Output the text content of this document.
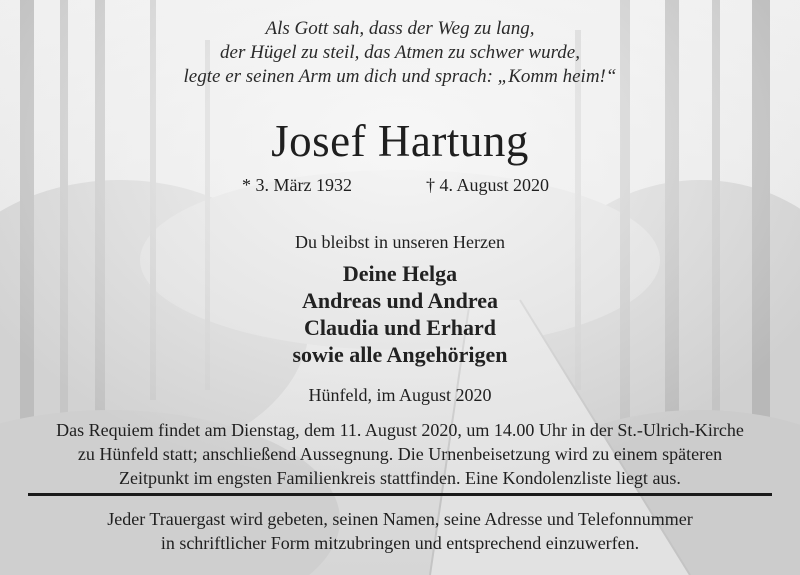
Als Gott sah, dass der Weg zu lang,
der Hügel zu steil, das Atmen zu schwer wurde,
legte er seinen Arm um dich und sprach: „Komm heim!“
Josef Hartung
* 3. März 1932	† 4. August 2020
Du bleibst in unseren Herzen
Deine Helga
Andreas und Andrea
Claudia und Erhard
sowie alle Angehörigen
Hünfeld, im August 2020
Das Requiem findet am Dienstag, dem 11. August 2020, um 14.00 Uhr in der St.-Ulrich-Kirche
zu Hünfeld statt; anschließend Aussegnung. Die Urnenbeisetzung wird zu einem späteren
Zeitpunkt im engsten Familienkreis stattfinden. Eine Kondolenzliste liegt aus.
Jeder Trauergast wird gebeten, seinen Namen, seine Adresse und Telefonnummer
in schriftlicher Form mitzubringen und entsprechend einzuwerfen.
